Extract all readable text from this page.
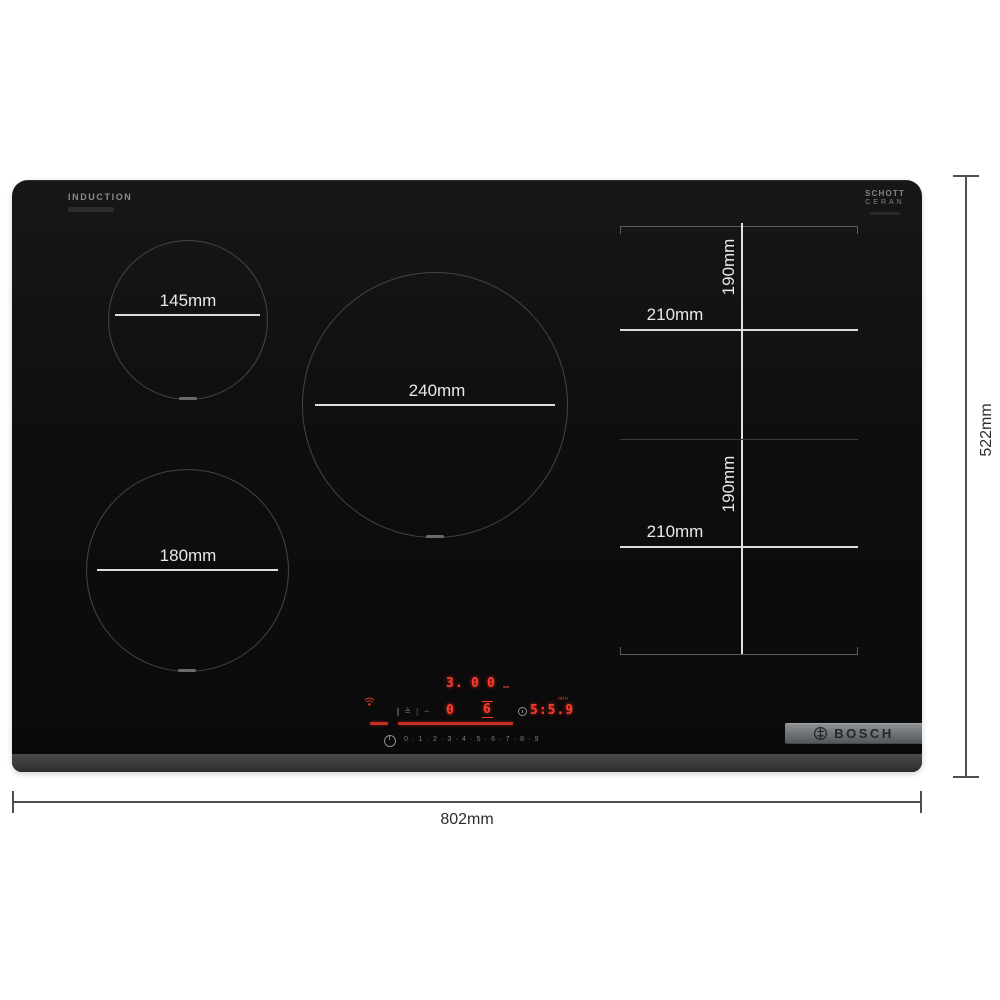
INDUCTION	SCHOTT
CERAN
145mm
240mm
180mm
190mm
210mm
190mm
210mm
∥ ≙ ∣ ∸
3. 0 0
0 6	5:5.9
min
0 · 1 · 2 · 3 · 4 · 5 · 6 · 7 · 8 · 9	BOSCH
802mm
522mm
